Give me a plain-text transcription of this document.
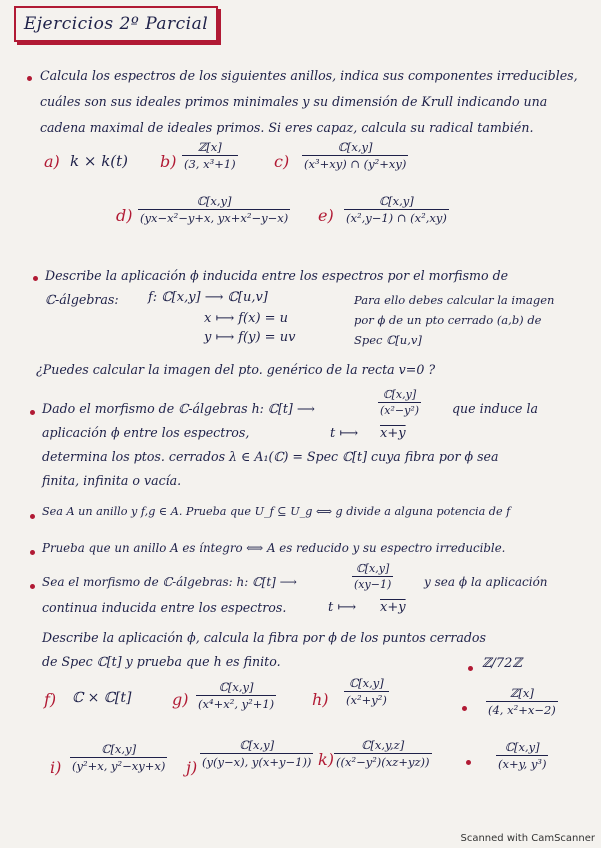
Ejercicios 2º Parcial
Calcula los espectros de los siguientes anillos, indica sus componentes irreducibles,
cuáles son sus ideales primos minimales y su dimensión de Krull indicando una
cadena maximal de ideales primos. Si eres capaz, calcula su radical también.
a) k × k(t) b)
ℤ[x]
(3, x³+1) c)
ℂ[x,y]
(x³+xy) ∩ (y²+xy)
d)
ℂ[x,y]
(yx−x²−y+x, yx+x²−y−x) e)
ℂ[x,y]
(x²,y−1) ∩ (x²,xy)
Describe la aplicación ϕ inducida entre los espectros por el morfismo de
ℂ-álgebras: f: ℂ[x,y] ⟶ ℂ[u,v]
x ⟼ f(x) = u
y ⟼ f(y) = uv
Para ello debes calcular la imagen
por ϕ de un pto cerrado (a,b) de
Spec ℂ[u,v]
¿Puedes calcular la imagen del pto. genérico de la recta v=0 ?
Dado el morfismo de ℂ-álgebras h: ℂ[t] ⟶
ℂ[x,y]
(x²−y²)	que induce la
aplicación ϕ entre los espectros,	t ⟼ x+y
determina los ptos. cerrados λ ∈ A₁(ℂ) = Spec ℂ[t] cuya fibra por ϕ sea
finita, infinita o vacía.
Sea A un anillo y f,g ∈ A. Prueba que U_f ⊆ U_g ⟺ g divide a alguna potencia de f
Prueba que un anillo A es íntegro ⟺ A es reducido y su espectro irreducible.
Sea el morfismo de ℂ-álgebras: h: ℂ[t] ⟶
ℂ[x,y]
(xy−1)	y sea ϕ la aplicación
continua inducida entre los espectros.	t ⟼ x+y
Describe la aplicación ϕ, calcula la fibra por ϕ de los puntos cerrados
de Spec ℂ[t] y prueba que h es finito.	ℤ/72ℤ
f) ℂ × ℂ[t]	g)
ℂ[x,y]
(x⁴+x², y²+1) h)
ℂ[x,y]
(x²+y²)
ℤ[x]
(4, x²+x−2)
i)
ℂ[x,y]
(y²+x, y²−xy+x) j)
ℂ[x,y]
(y(y−x), y(x+y−1)) k)
ℂ[x,y,z]
((x²−y²)(xz+yz))
ℂ[x,y]
(x+y, y³)
Scanned with CamScanner
